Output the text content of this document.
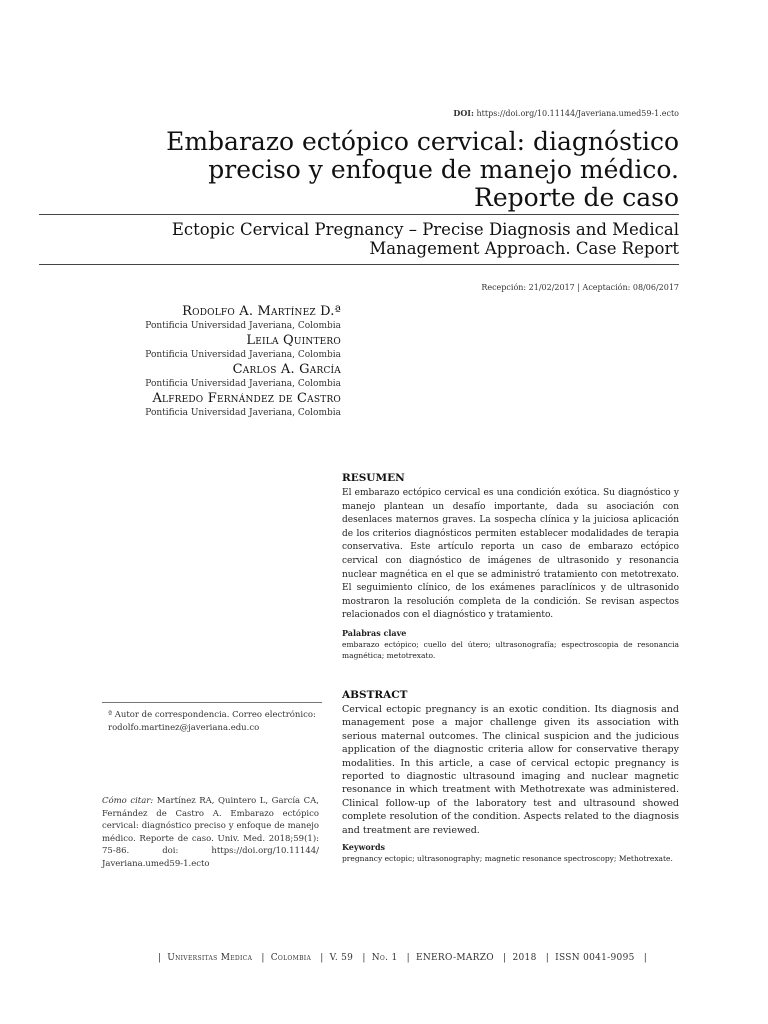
DOI: https://doi.org/10.11144/Javeriana.umed59-1.ecto
Embarazo ectópico cervical: diagnóstico
preciso y enfoque de manejo médico.
Reporte de caso
Ectopic Cervical Pregnancy – Precise Diagnosis and Medical
Management Approach. Case Report
Recepción: 21/02/2017 | Aceptación: 08/06/2017
Rodolfo A. Martínez D.ª
Pontificia Universidad Javeriana, Colombia
Leila Quintero
Pontificia Universidad Javeriana, Colombia
Carlos A. García
Pontificia Universidad Javeriana, Colombia
Alfredo Fernández de Castro
Pontificia Universidad Javeriana, Colombia
RESUMEN
El embarazo ectópico cervical es una condición exótica. Su diagnóstico y manejo plantean un desafío importante, dada su asociación con desenlaces maternos graves. La sospecha clínica y la juiciosa aplicación de los criterios diagnósticos permiten establecer modalidades de terapia conservativa. Este artículo reporta un caso de embarazo ectópico cervical con diagnóstico de imágenes de ultrasonido y resonancia nuclear magnética en el que se administró tratamiento con metotrexato. El seguimiento clínico, de los exámenes paraclínicos y de ultrasonido mostraron la resolución completa de la condición. Se revisan aspectos relacionados con el diagnóstico y tratamiento.
Palabras clave
embarazo ectópico; cuello del útero; ultrasonografía; espectroscopia de resonancia magnética; metotrexato.
ABSTRACT
Cervical ectopic pregnancy is an exotic condition. Its diagnosis and management pose a major challenge given its association with serious maternal outcomes. The clinical suspicion and the judicious application of the diagnostic criteria allow for conservative therapy modalities. In this article, a case of cervical ectopic pregnancy is reported to diagnostic ultrasound imaging and nuclear magnetic resonance in which treatment with Methotrexate was administered. Clinical follow-up of the laboratory test and ultrasound showed complete resolution of the condition. Aspects related to the diagnosis and treatment are reviewed.
Keywords
pregnancy ectopic; ultrasonography; magnetic resonance spectroscopy; Methotrexate.
ª Autor de correspondencia. Correo electrónico: rodolfo.martinez@javeriana.edu.co
Cómo citar: Martínez RA, Quintero L, García CA, Fernández de Castro A. Embarazo ectópico cervical: diagnóstico preciso y enfoque de manejo médico. Reporte de caso. Univ. Med. 2018;59(1): 75-86. doi: https://doi.org/10.11144/ Javeriana.umed59-1.ecto
| Universitas Medica | Colombia | V. 59 | No. 1 | ENERO-MARZO | 2018 | ISSN 0041-9095 |
